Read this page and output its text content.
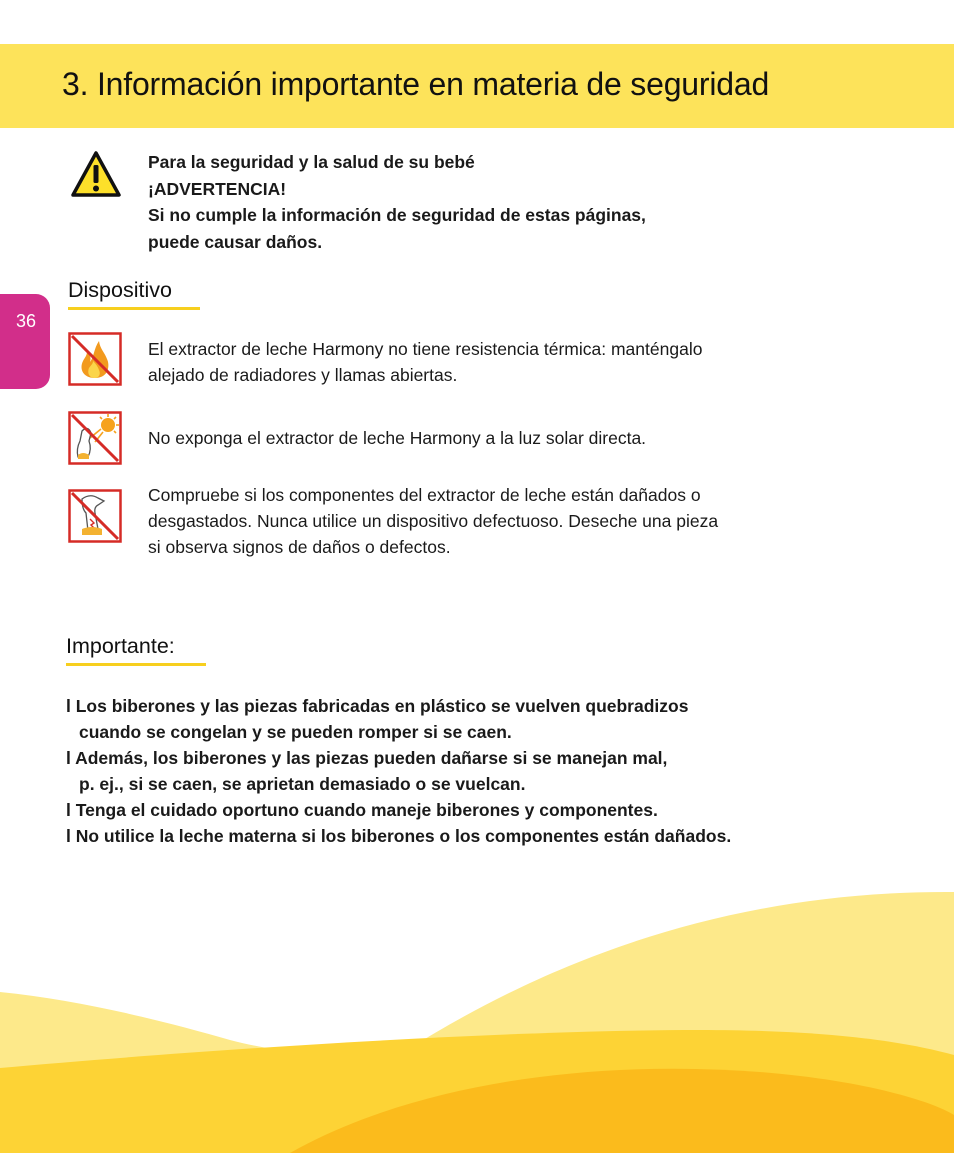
3. Información importante en materia de seguridad
36
Para la seguridad y la salud de su bebé
¡ADVERTENCIA!
Si no cumple la información de seguridad de estas páginas,
puede causar daños.
Dispositivo
El extractor de leche Harmony no tiene resistencia térmica: manténgalo
alejado de radiadores y llamas abiertas.
No exponga el extractor de leche Harmony a la luz solar directa.
Compruebe si los componentes del extractor de leche están dañados o
desgastados. Nunca utilice un dispositivo defectuoso. Deseche una pieza
si observa signos de daños o defectos.
Importante:
l Los biberones y las piezas fabricadas en plástico se vuelven quebradizos
cuando se congelan y se pueden romper si se caen.
l Además, los biberones y las piezas pueden dañarse si se manejan mal,
p. ej., si se caen, se aprietan demasiado o se vuelcan.
l Tenga el cuidado oportuno cuando maneje biberones y componentes.
l No utilice la leche materna si los biberones o los componentes están dañados.
